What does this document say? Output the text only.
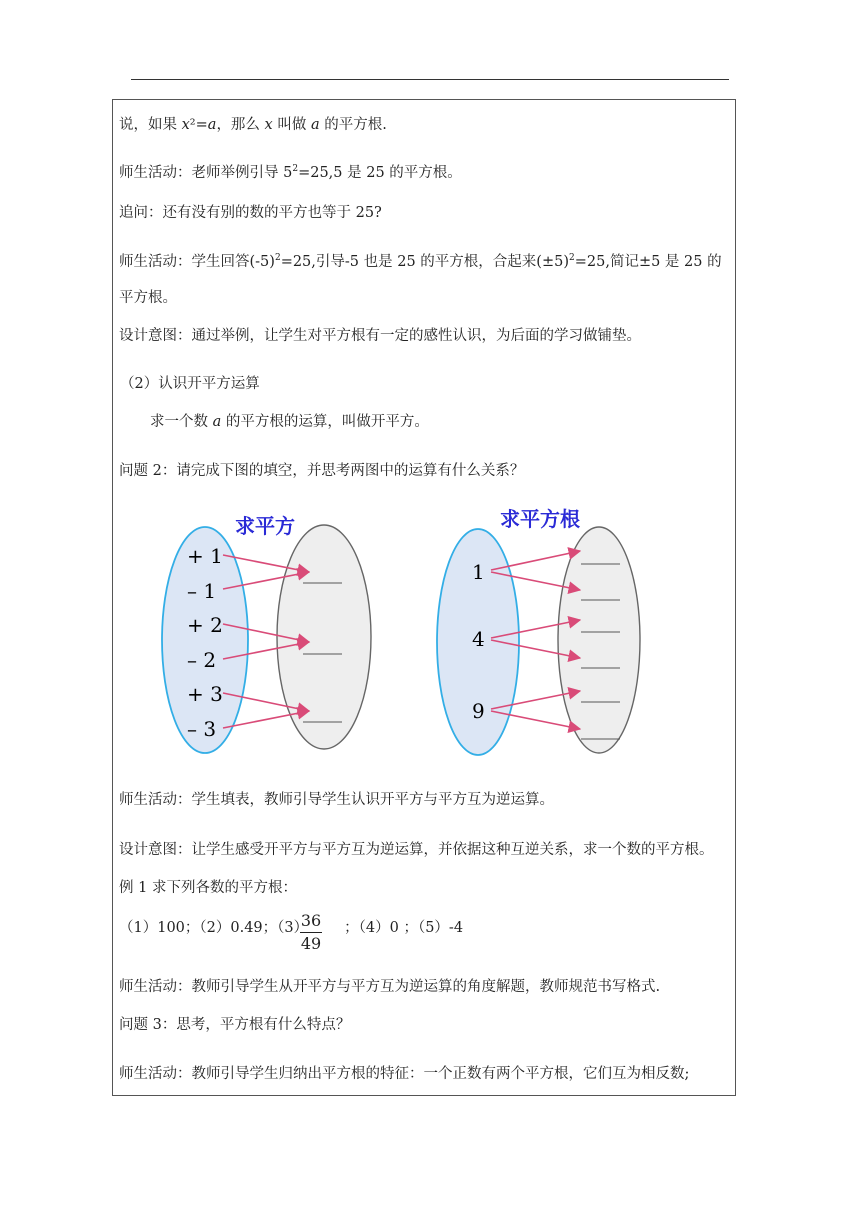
说，如果 x²=a，那么 x 叫做 a 的平方根.
师生活动：老师举例引导 $5^2=25,5$ 是 25 的平方根。
追问：还有没有别的数的平方也等于 25?
师生活动：学生回答$(-5)^2=25$,引导-5 也是 25 的平方根，合起来$(\pm 5)^2=25$,简记±5 是 25 的
平方根。
设计意图：通过举例，让学生对平方根有一定的感性认识，为后面的学习做铺垫。
（2）认识开平方运算
求一个数 a 的平方根的运算，叫做开平方。
问题 2：请完成下图的填空，并思考两图中的运算有什么关系？
求平方
+ 1
– 1
+ 2
– 2
+ 3
– 3
求平方根
1
4
9
师生活动：学生填表，教师引导学生认识开平方与平方互为逆运算。
设计意图：让学生感受开平方与平方互为逆运算，并依据这种互逆关系，求一个数的平方根。
例 1 求下列各数的平方根：
（1）100；（2）0.49；（3） ；（4）0 ；（5）-4
$\frac{36}{49}$
师生活动：教师引导学生从开平方与平方互为逆运算的角度解题，教师规范书写格式.
问题 3：思考，平方根有什么特点？
师生活动：教师引导学生归纳出平方根的特征：一个正数有两个平方根，它们互为相反数;
